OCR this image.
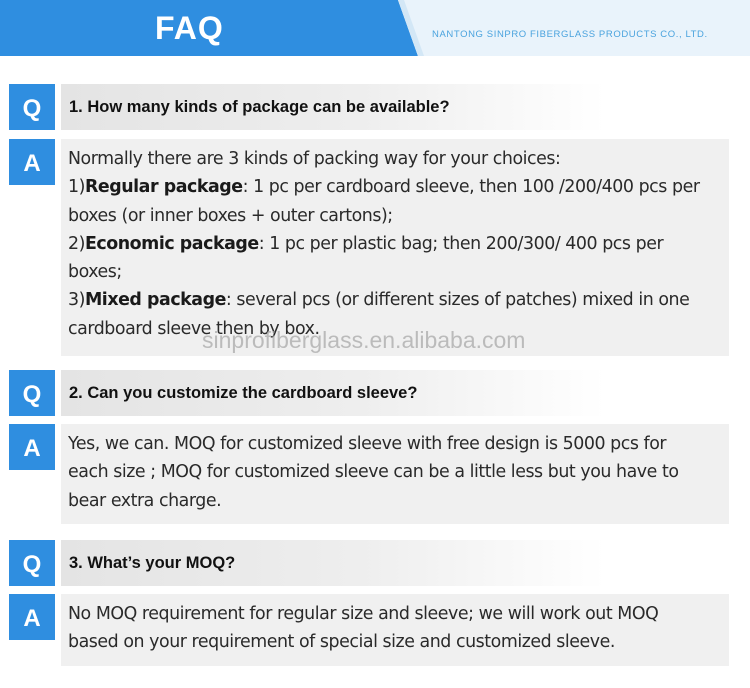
FAQ	NANTONG SINPRO FIBERGLASS PRODUCTS CO., LTD.
Q 1. How many kinds of package can be available?
A Normally there are 3 kinds of packing way for your choices:
1)Regular package: 1 pc per cardboard sleeve, then 100 /200/400 pcs per
boxes (or inner boxes + outer cartons);
2)Economic package: 1 pc per plastic bag; then 200/300/ 400 pcs per
boxes;
3)Mixed package: several pcs (or different sizes of patches) mixed in one
cardboard sleeve then by box.
sinprofiberglass.en.alibaba.com
Q 2. Can you customize the cardboard sleeve?
A Yes, we can. MOQ for customized sleeve with free design is 5000 pcs for
each size ; MOQ for customized sleeve can be a little less but you have to
bear extra charge.
Q 3. What’s your MOQ?
A No MOQ requirement for regular size and sleeve; we will work out MOQ
based on your requirement of special size and customized sleeve.
